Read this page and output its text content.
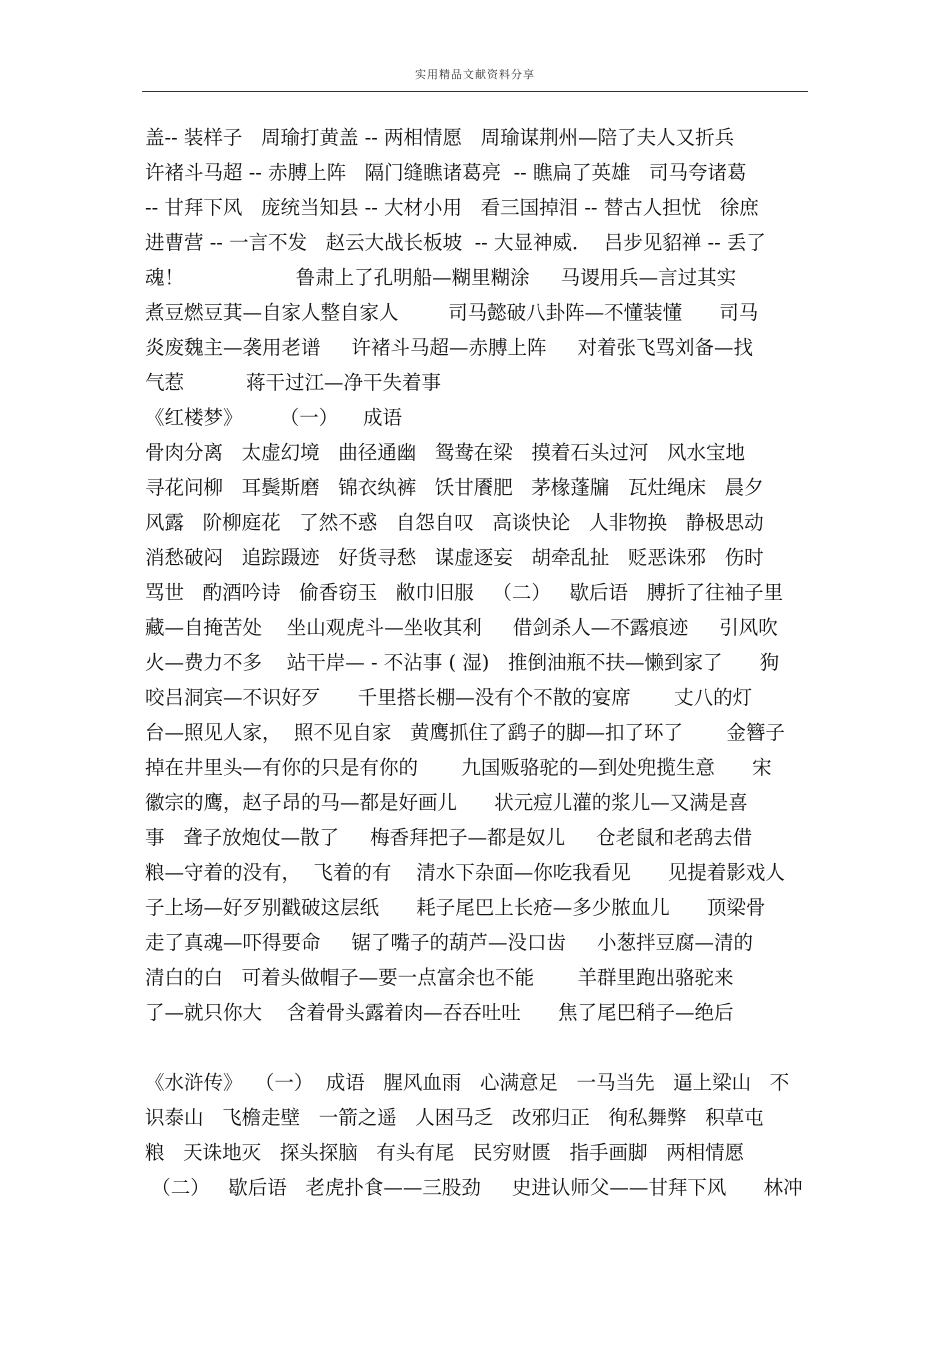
实用精品文献资料分享
盖-- 装样子   周瑜打黄盖 -- 两相情愿   周瑜谋荆州—陪了夫人又折兵
许褚斗马超 -- 赤膊上阵   隔门缝瞧诸葛亮  -- 瞧扁了英雄   司马夸诸葛
-- 甘拜下风   庞统当知县 -- 大材小用   看三国掉泪 -- 替古人担忧   徐庶
进曹营 -- 一言不发   赵云大战长板坡  -- 大显神威．  吕步见貂禅 -- 丢了
魂！                  鲁肃上了孔明船—糊里糊涂     马谡用兵—言过其实
煮豆燃豆萁—自家人整自家人        司马懿破八卦阵—不懂装懂      司马
炎废魏主—袭用老谱     许褚斗马超—赤膊上阵     对着张飞骂刘备—找
气惹          蒋干过江—净干失着事
《红楼梦》      （一）    成语
骨肉分离   太虚幻境   曲径通幽   鸳鸯在梁   摸着石头过河   风水宝地
寻花问柳   耳鬓斯磨   锦衣纨裤   饫甘餍肥   茅椽蓬牖   瓦灶绳床   晨夕
风露   阶柳庭花   了然不惑   自怨自叹   高谈快论   人非物换   静极思动
消愁破闷   追踪蹑迹   好货寻愁   谋虚逐妄   胡牵乱扯   贬恶诛邪   伤时
骂世   酌酒吟诗   偷香窃玉   敝巾旧服   （二）   歇后语   膊折了往袖子里
藏—自掩苦处    坐山观虎斗—坐收其利     借剑杀人—不露痕迹     引风吹
火—费力不多    站干岸— - 不沾事 ( 湿)   推倒油瓶不扶—懒到家了      狗
咬吕洞宾—不识好歹      千里搭长棚—没有个不散的宴席       丈八的灯
台—照见人家，  照不见自家   黄鹰抓住了鹞子的脚—扣了环了       金簪子
掉在井里头—有你的只是有你的       九国贩骆驼的—到处兜揽生意      宋
徽宗的鹰，赵子昂的马—都是好画儿      状元痘儿灌的浆儿—又满是喜
事   聋子放炮仗—散了     梅香拜把子—都是奴儿     仓老鼠和老鸹去借
粮—守着的没有，  飞着的有    清水下杂面—你吃我看见      见提着影戏人
子上场—好歹别戳破这层纸      耗子尾巴上长疮—多少脓血儿      顶梁骨
走了真魂—吓得要命     锯了嘴子的葫芦—没口齿     小葱拌豆腐—清的
清白的白   可着头做帽子—要一点富余也不能       羊群里跑出骆驼来
了—就只你大    含着骨头露着肉—吞吞吐吐      焦了尾巴稍子—绝后
《水浒传》  （一）  成语   腥风血雨   心满意足   一马当先   逼上梁山   不
识泰山   飞檐走壁   一箭之遥   人困马乏   改邪归正   徇私舞弊   积草屯
粮   天诛地灭   探头探脑   有头有尾   民穷财匮   指手画脚   两相情愿
（二）   歇后语   老虎扑食——三股劲     史进认师父——甘拜下风      林冲
